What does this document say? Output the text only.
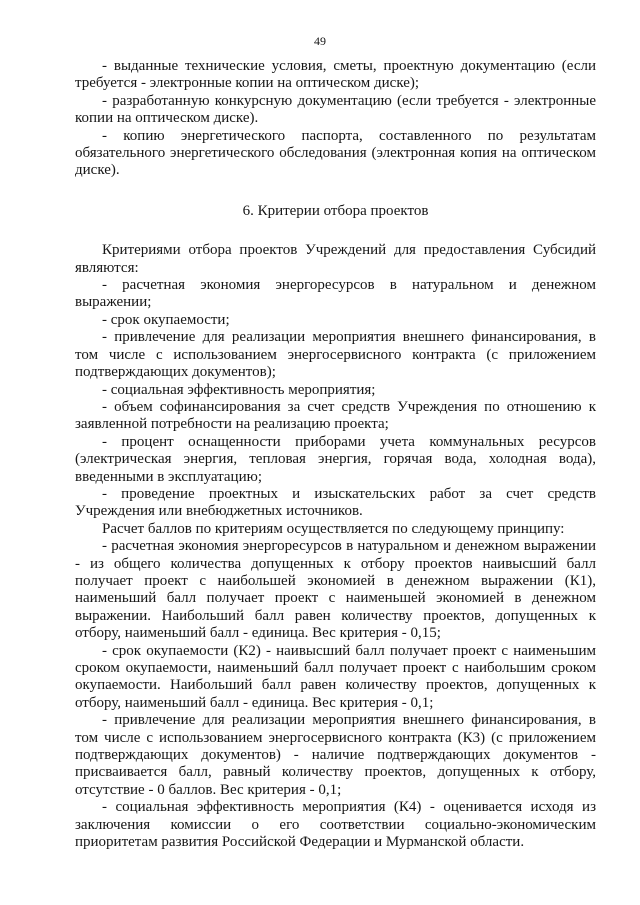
49

- выданные технические условия, сметы, проектную документацию (если требуется - электронные копии на оптическом диске);

- разработанную конкурсную документацию (если требуется - электронные копии на оптическом диске).

- копию энергетического паспорта, составленного по результатам обязательного энергетического обследования (электронная копия на оптическом диске).

6. Критерии отбора проектов

Критериями отбора проектов Учреждений для предоставления Субсидий являются:

- расчетная экономия энергоресурсов в натуральном и денежном выражении;

- срок окупаемости;

- привлечение для реализации мероприятия внешнего финансирования, в том числе с использованием энергосервисного контракта (с приложением подтверждающих документов);

- социальная эффективность мероприятия;

- объем софинансирования за счет средств Учреждения по отношению к заявленной потребности на реализацию проекта;

- процент оснащенности приборами учета коммунальных ресурсов (электрическая энергия, тепловая энергия, горячая вода, холодная вода), введенными в эксплуатацию;

- проведение проектных и изыскательских работ за счет средств Учреждения или внебюджетных источников.

Расчет баллов по критериям осуществляется по следующему принципу:

- расчетная экономия энергоресурсов в натуральном и денежном выражении - из общего количества допущенных к отбору проектов наивысший балл получает проект с наибольшей экономией в денежном выражении (К1), наименьший балл получает проект с наименьшей экономией в денежном выражении. Наибольший балл равен количеству проектов, допущенных к отбору, наименьший балл - единица. Вес критерия - 0,15;

- срок окупаемости (К2) - наивысший балл получает проект с наименьшим сроком окупаемости, наименьший балл получает проект с наибольшим сроком окупаемости. Наибольший балл равен количеству проектов, допущенных к отбору, наименьший балл - единица. Вес критерия - 0,1;

- привлечение для реализации мероприятия внешнего финансирования, в том числе с использованием энергосервисного контракта (К3) (с приложением подтверждающих документов) - наличие подтверждающих документов - присваивается балл, равный количеству проектов, допущенных к отбору, отсутствие - 0 баллов. Вес критерия - 0,1;

- социальная эффективность мероприятия (К4) - оценивается исходя из заключения комиссии о его соответствии социально-экономическим приоритетам развития Российской Федерации и Мурманской области.
